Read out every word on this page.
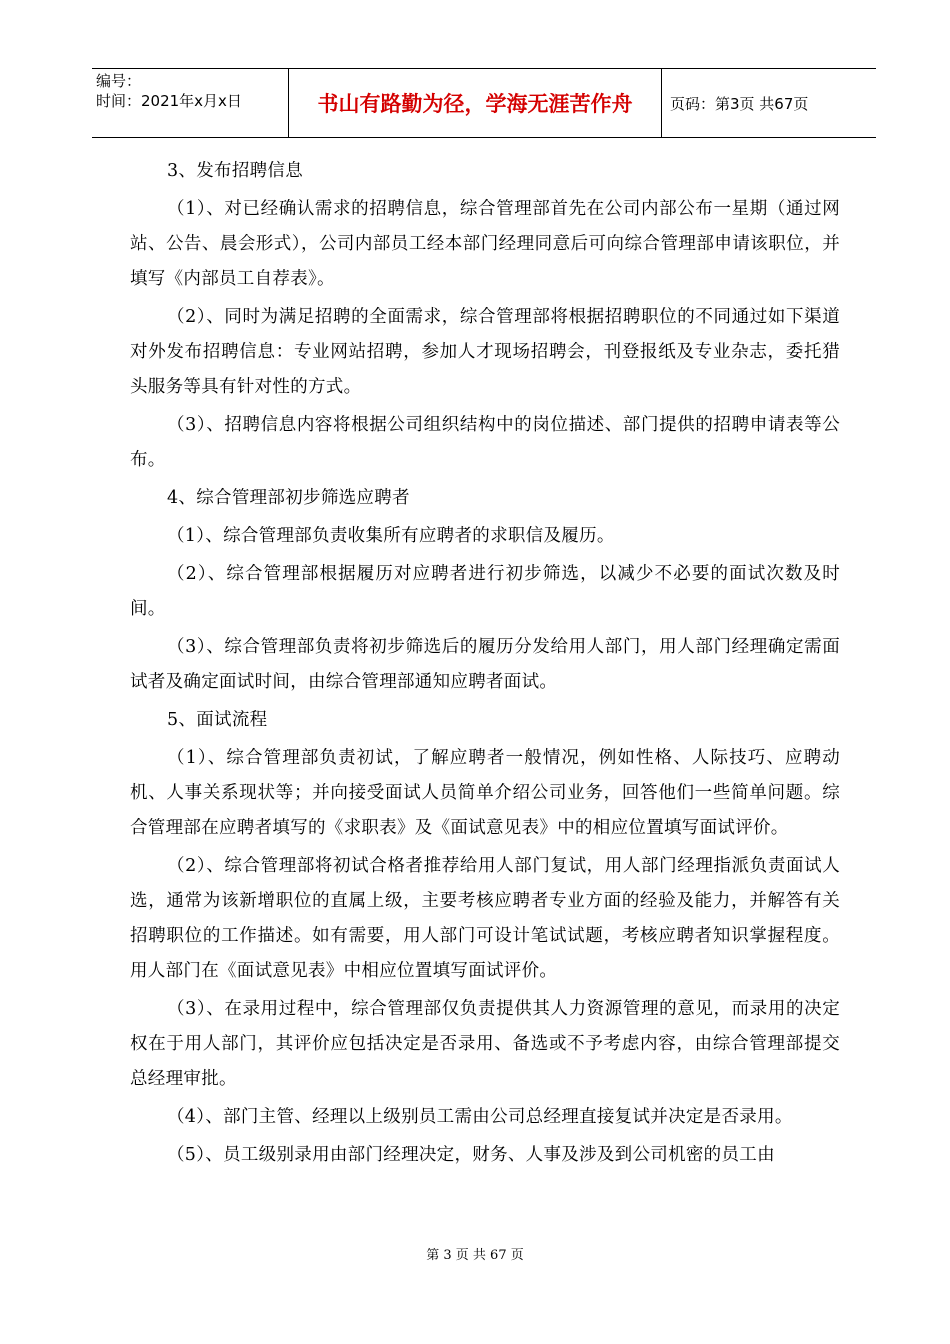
编号：
时间：2021年x月x日	书山有路勤为径，学海无涯苦作舟	页码：第3页 共67页

3、发布招聘信息

（1）、对已经确认需求的招聘信息，综合管理部首先在公司内部公布一星期（通过网站、公告、晨会形式），公司内部员工经本部门经理同意后可向综合管理部申请该职位，并填写《内部员工自荐表》。

（2）、同时为满足招聘的全面需求，综合管理部将根据招聘职位的不同通过如下渠道对外发布招聘信息：专业网站招聘，参加人才现场招聘会，刊登报纸及专业杂志，委托猎头服务等具有针对性的方式。

（3）、招聘信息内容将根据公司组织结构中的岗位描述、部门提供的招聘申请表等公布。

4、综合管理部初步筛选应聘者

（1）、综合管理部负责收集所有应聘者的求职信及履历。

（2）、综合管理部根据履历对应聘者进行初步筛选，以减少不必要的面试次数及时间。

（3）、综合管理部负责将初步筛选后的履历分发给用人部门，用人部门经理确定需面试者及确定面试时间，由综合管理部通知应聘者面试。

5、面试流程

（1）、综合管理部负责初试，了解应聘者一般情况，例如性格、人际技巧、应聘动机、人事关系现状等；并向接受面试人员简单介绍公司业务，回答他们一些简单问题。综合管理部在应聘者填写的《求职表》及《面试意见表》中的相应位置填写面试评价。

（2）、综合管理部将初试合格者推荐给用人部门复试，用人部门经理指派负责面试人选，通常为该新增职位的直属上级，主要考核应聘者专业方面的经验及能力，并解答有关招聘职位的工作描述。如有需要，用人部门可设计笔试试题，考核应聘者知识掌握程度。用人部门在《面试意见表》中相应位置填写面试评价。

（3）、在录用过程中，综合管理部仅负责提供其人力资源管理的意见，而录用的决定权在于用人部门，其评价应包括决定是否录用、备选或不予考虑内容，由综合管理部提交总经理审批。

（4）、部门主管、经理以上级别员工需由公司总经理直接复试并决定是否录用。

（5）、员工级别录用由部门经理决定，财务、人事及涉及到公司机密的员工由

第 3 页 共 67 页
